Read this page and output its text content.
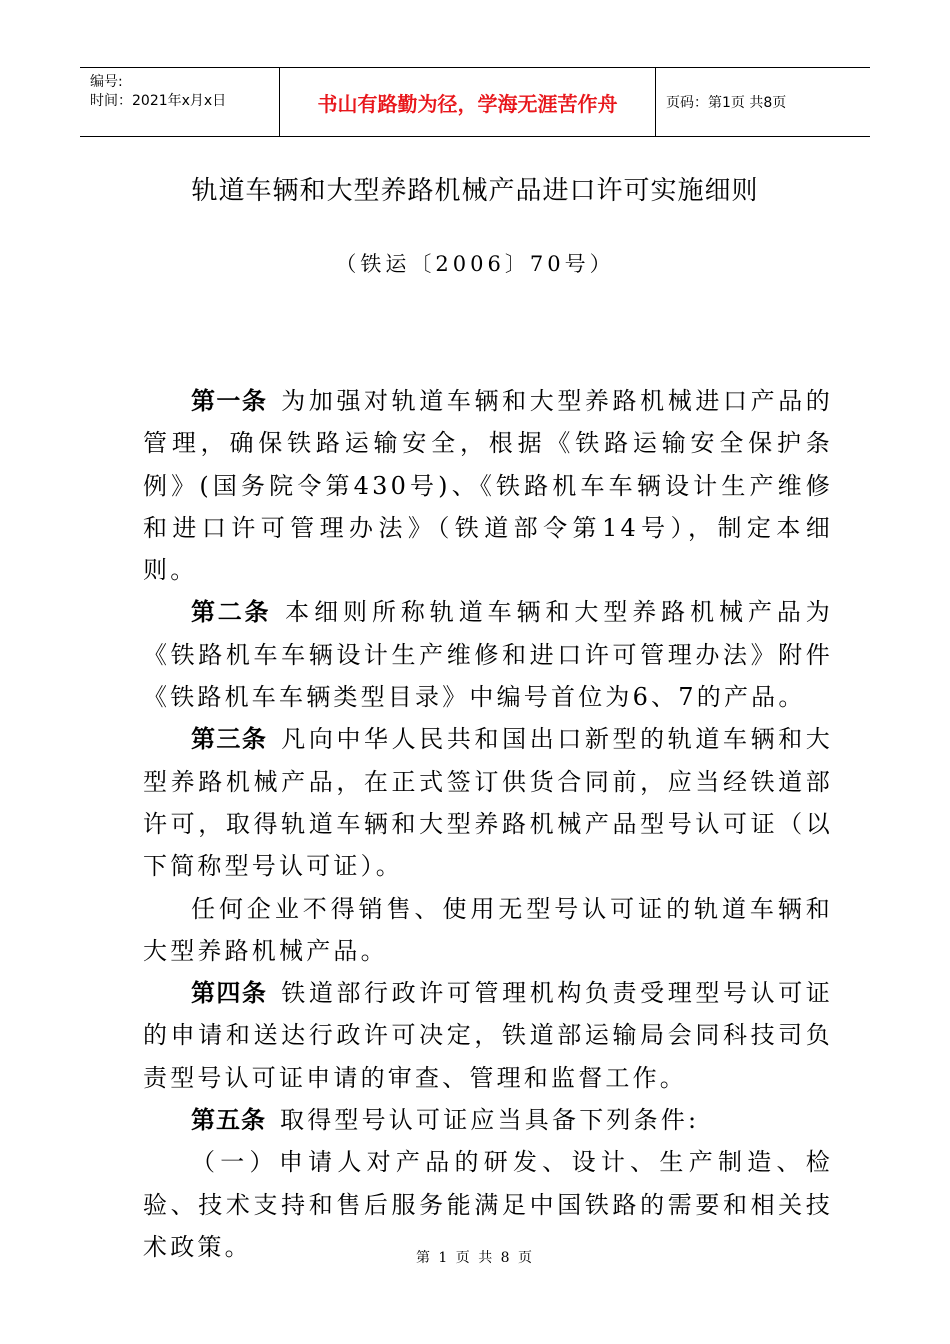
编号:
时间：2021年x月x日	书山有路勤为径，学海无涯苦作舟	页码：第1页 共8页
轨道车辆和大型养路机械产品进口许可实施细则
（铁运〔2006〕70号）

第一条 为加强对轨道车辆和大型养路机械进口产品的管理，确保铁路运输安全，根据《铁路运输安全保护条例》(国务院令第430号)、《铁路机车车辆设计生产维修和进口许可管理办法》（铁道部令第14号），制定本细则。

第二条 本细则所称轨道车辆和大型养路机械产品为《铁路机车车辆设计生产维修和进口许可管理办法》附件《铁路机车车辆类型目录》中编号首位为6、7的产品。

第三条 凡向中华人民共和国出口新型的轨道车辆和大型养路机械产品，在正式签订供货合同前，应当经铁道部许可，取得轨道车辆和大型养路机械产品型号认可证（以下简称型号认可证）。

任何企业不得销售、使用无型号认可证的轨道车辆和大型养路机械产品。

第四条 铁道部行政许可管理机构负责受理型号认可证的申请和送达行政许可决定，铁道部运输局会同科技司负责型号认可证申请的审查、管理和监督工作。

第五条 取得型号认可证应当具备下列条件:

（一）申请人对产品的研发、设计、生产制造、检验、技术支持和售后服务能满足中国铁路的需要和相关技术政策。	第 1 页 共 8 页
